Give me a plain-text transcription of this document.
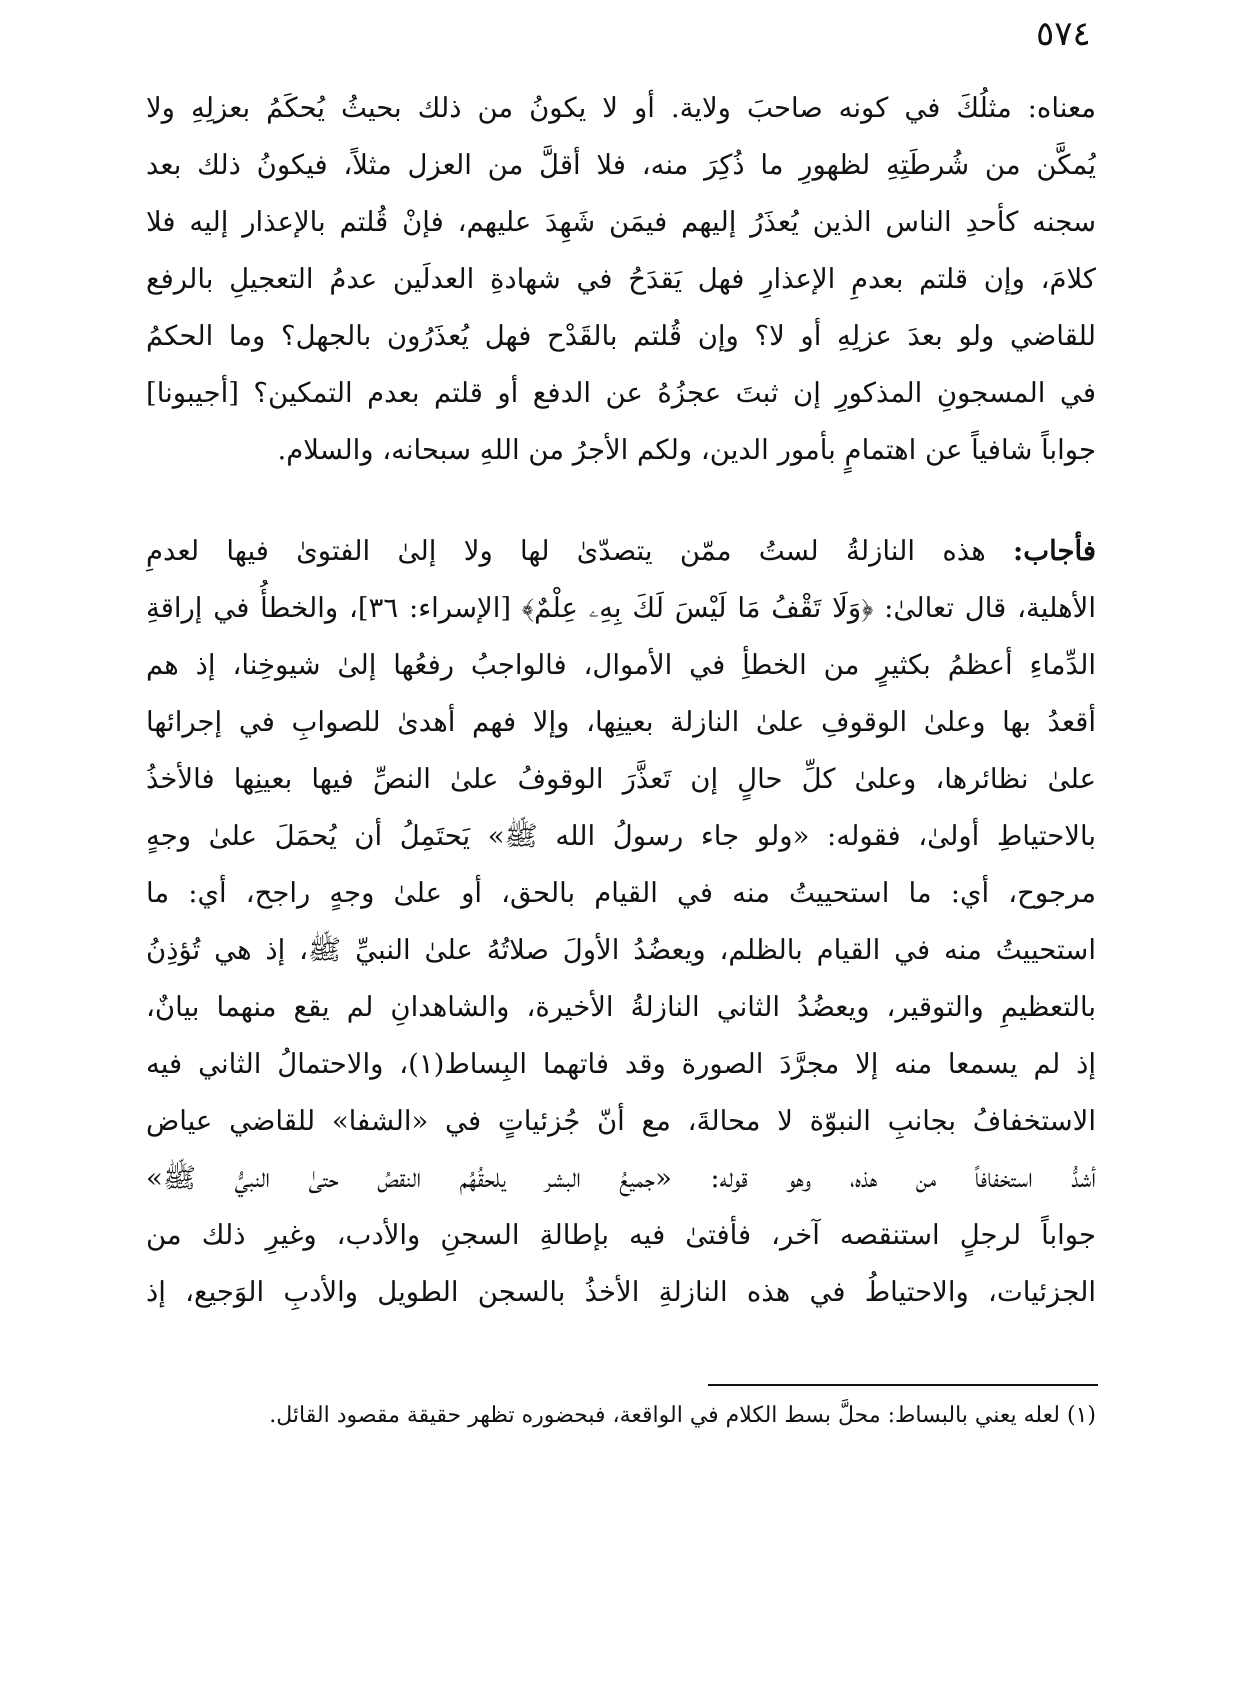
٥٧٤
معناه: مثلُكَ في كونه صاحبَ ولاية. أو لا يكونُ من ذلك بحيثُ يُحكَمُ بعزلِهِ ولا
يُمكَّن من شُرطَتِهِ لظهورِ ما ذُكِرَ منه، فلا أقلَّ من العزل مثلاً، فيكونُ ذلك بعد
سجنه كأحدِ الناس الذين يُعذَرُ إليهم فيمَن شَهِدَ عليهم، فإنْ قُلتم بالإعذار إليه فلا
كلامَ، وإن قلتم بعدمِ الإعذارِ فهل يَقدَحُ في شهادةِ العدلَين عدمُ التعجيلِ بالرفع
للقاضي ولو بعدَ عزلِهِ أو لا؟ وإن قُلتم بالقَدْح فهل يُعذَرُون بالجهل؟ وما الحكمُ
في المسجونِ المذكورِ إن ثبتَ عجزُهُ عن الدفع أو قلتم بعدم التمكين؟ [أجيبونا]
جواباً شافياً عن اهتمامٍ بأمور الدين، ولكم الأجرُ من اللهِ سبحانه، والسلام.
فأجاب: هذه النازلةُ لستُ ممّن يتصدّىٰ لها ولا إلىٰ الفتوىٰ فيها لعدمِ
الأهلية، قال تعالىٰ: ﴿وَلَا تَقْفُ مَا لَيْسَ لَكَ بِهِۦ عِلْمٌ﴾ [الإسراء: ٣٦]، والخطأُ في إراقةِ
الدِّماءِ أعظمُ بكثيرٍ من الخطأِ في الأموال، فالواجبُ رفعُها إلىٰ شيوخِنا، إذ هم
أقعدُ بها وعلىٰ الوقوفِ علىٰ النازلة بعينِها، وإلا فهم أهدىٰ للصوابِ في إجرائها
علىٰ نظائرها، وعلىٰ كلِّ حالٍ إن تَعذَّرَ الوقوفُ علىٰ النصِّ فيها بعينِها فالأخذُ
بالاحتياطِ أولىٰ، فقوله: «ولو جاء رسولُ الله ﷺ» يَحتَمِلُ أن يُحمَلَ علىٰ وجهٍ
مرجوح، أي: ما استحييتُ منه في القيام بالحق، أو علىٰ وجهٍ راجح، أي: ما
استحييتُ منه في القيام بالظلم، ويعضُدُ الأولَ صلاتُهُ علىٰ النبيِّ ﷺ، إذ هي تُؤذِنُ
بالتعظيمِ والتوقير، ويعضُدُ الثاني النازلةُ الأخيرة، والشاهدانِ لم يقع منهما بيانٌ،
إذ لم يسمعا منه إلا مجرَّدَ الصورة وقد فاتهما البِساط(١)، والاحتمالُ الثاني فيه
الاستخفافُ بجانبِ النبوّة لا محالةَ، مع أنّ جُزئياتٍ في «الشفا» للقاضي عياض
أشدُّ استخفافاً من هذه، وهو قوله: «جميعُ البشر يلحقُهُم النقصُ حتىٰ النبيُّ ﷺ»
جواباً لرجلٍ استنقصه آخر، فأفتىٰ فيه بإطالةِ السجنِ والأدب، وغيرِ ذلك من
الجزئيات، والاحتياطُ في هذه النازلةِ الأخذُ بالسجن الطويل والأدبِ الوَجيع، إذ
(١) لعله يعني بالبساط: محلَّ بسط الكلام في الواقعة، فبحضوره تظهر حقيقة مقصود القائل.
